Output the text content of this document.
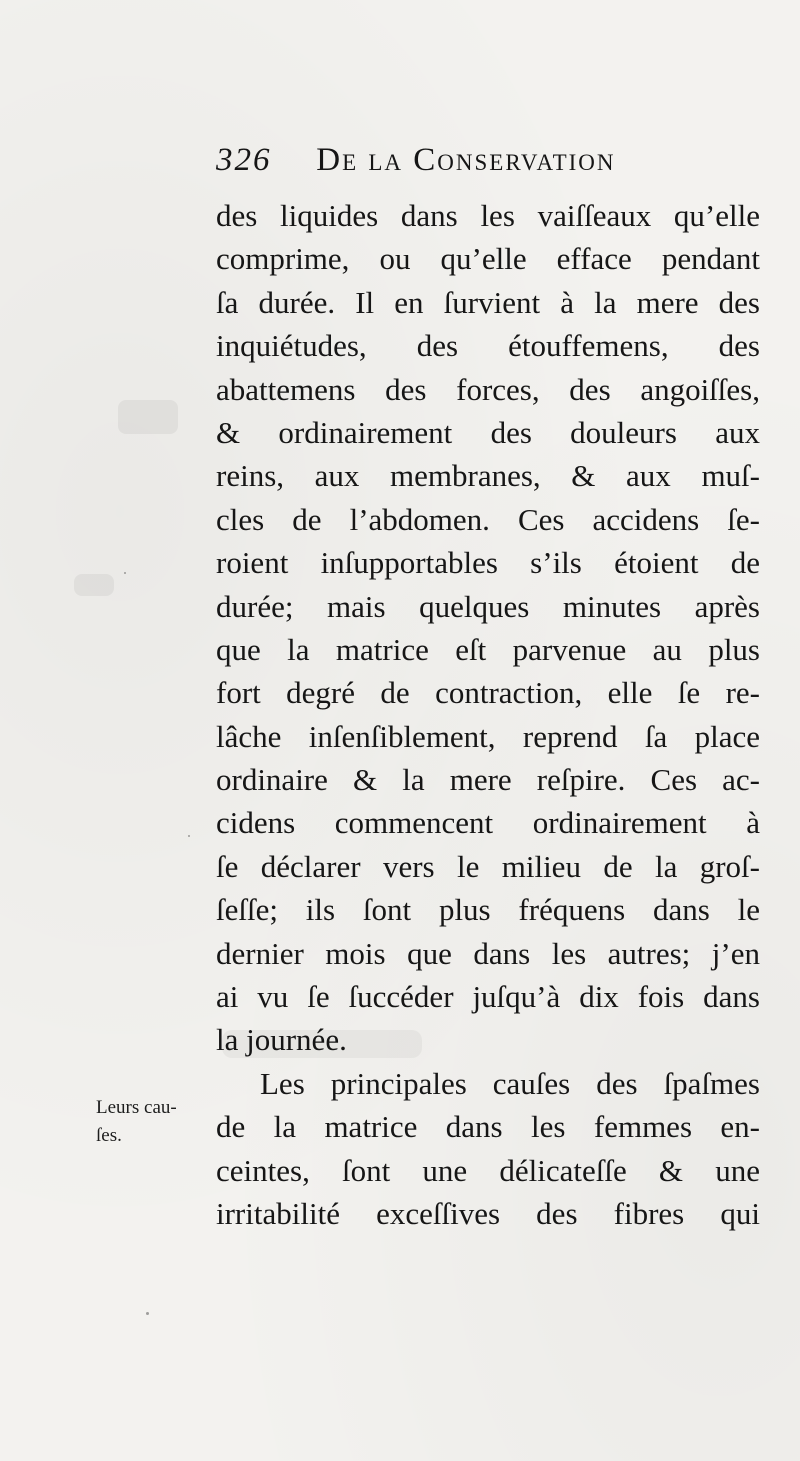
326 De la Conservation
des liquides dans les vaiſſeaux qu’elle
comprime, ou qu’elle efface pendant
ſa durée. Il en ſurvient à la mere des
inquiétudes, des étouffemens, des
abattemens des forces, des angoiſſes,
& ordinairement des douleurs aux
reins, aux membranes, & aux muſ-
cles de l’abdomen. Ces accidens ſe-
roient inſupportables s’ils étoient de
durée; mais quelques minutes après
que la matrice eſt parvenue au plus
fort degré de contraction, elle ſe re-
lâche inſenſiblement, reprend ſa place
ordinaire & la mere reſpire. Ces ac-
cidens commencent ordinairement à
ſe déclarer vers le milieu de la groſ-
ſeſſe; ils ſont plus fréquens dans le
dernier mois que dans les autres; j’en
ai vu ſe ſuccéder juſqu’à dix fois dans
la journée.
Les principales cauſes des ſpaſmes
de la matrice dans les femmes en-
ceintes, ſont une délicateſſe & une
irritabilité exceſſives des fibres qui
Leurs cau-
ſes.
